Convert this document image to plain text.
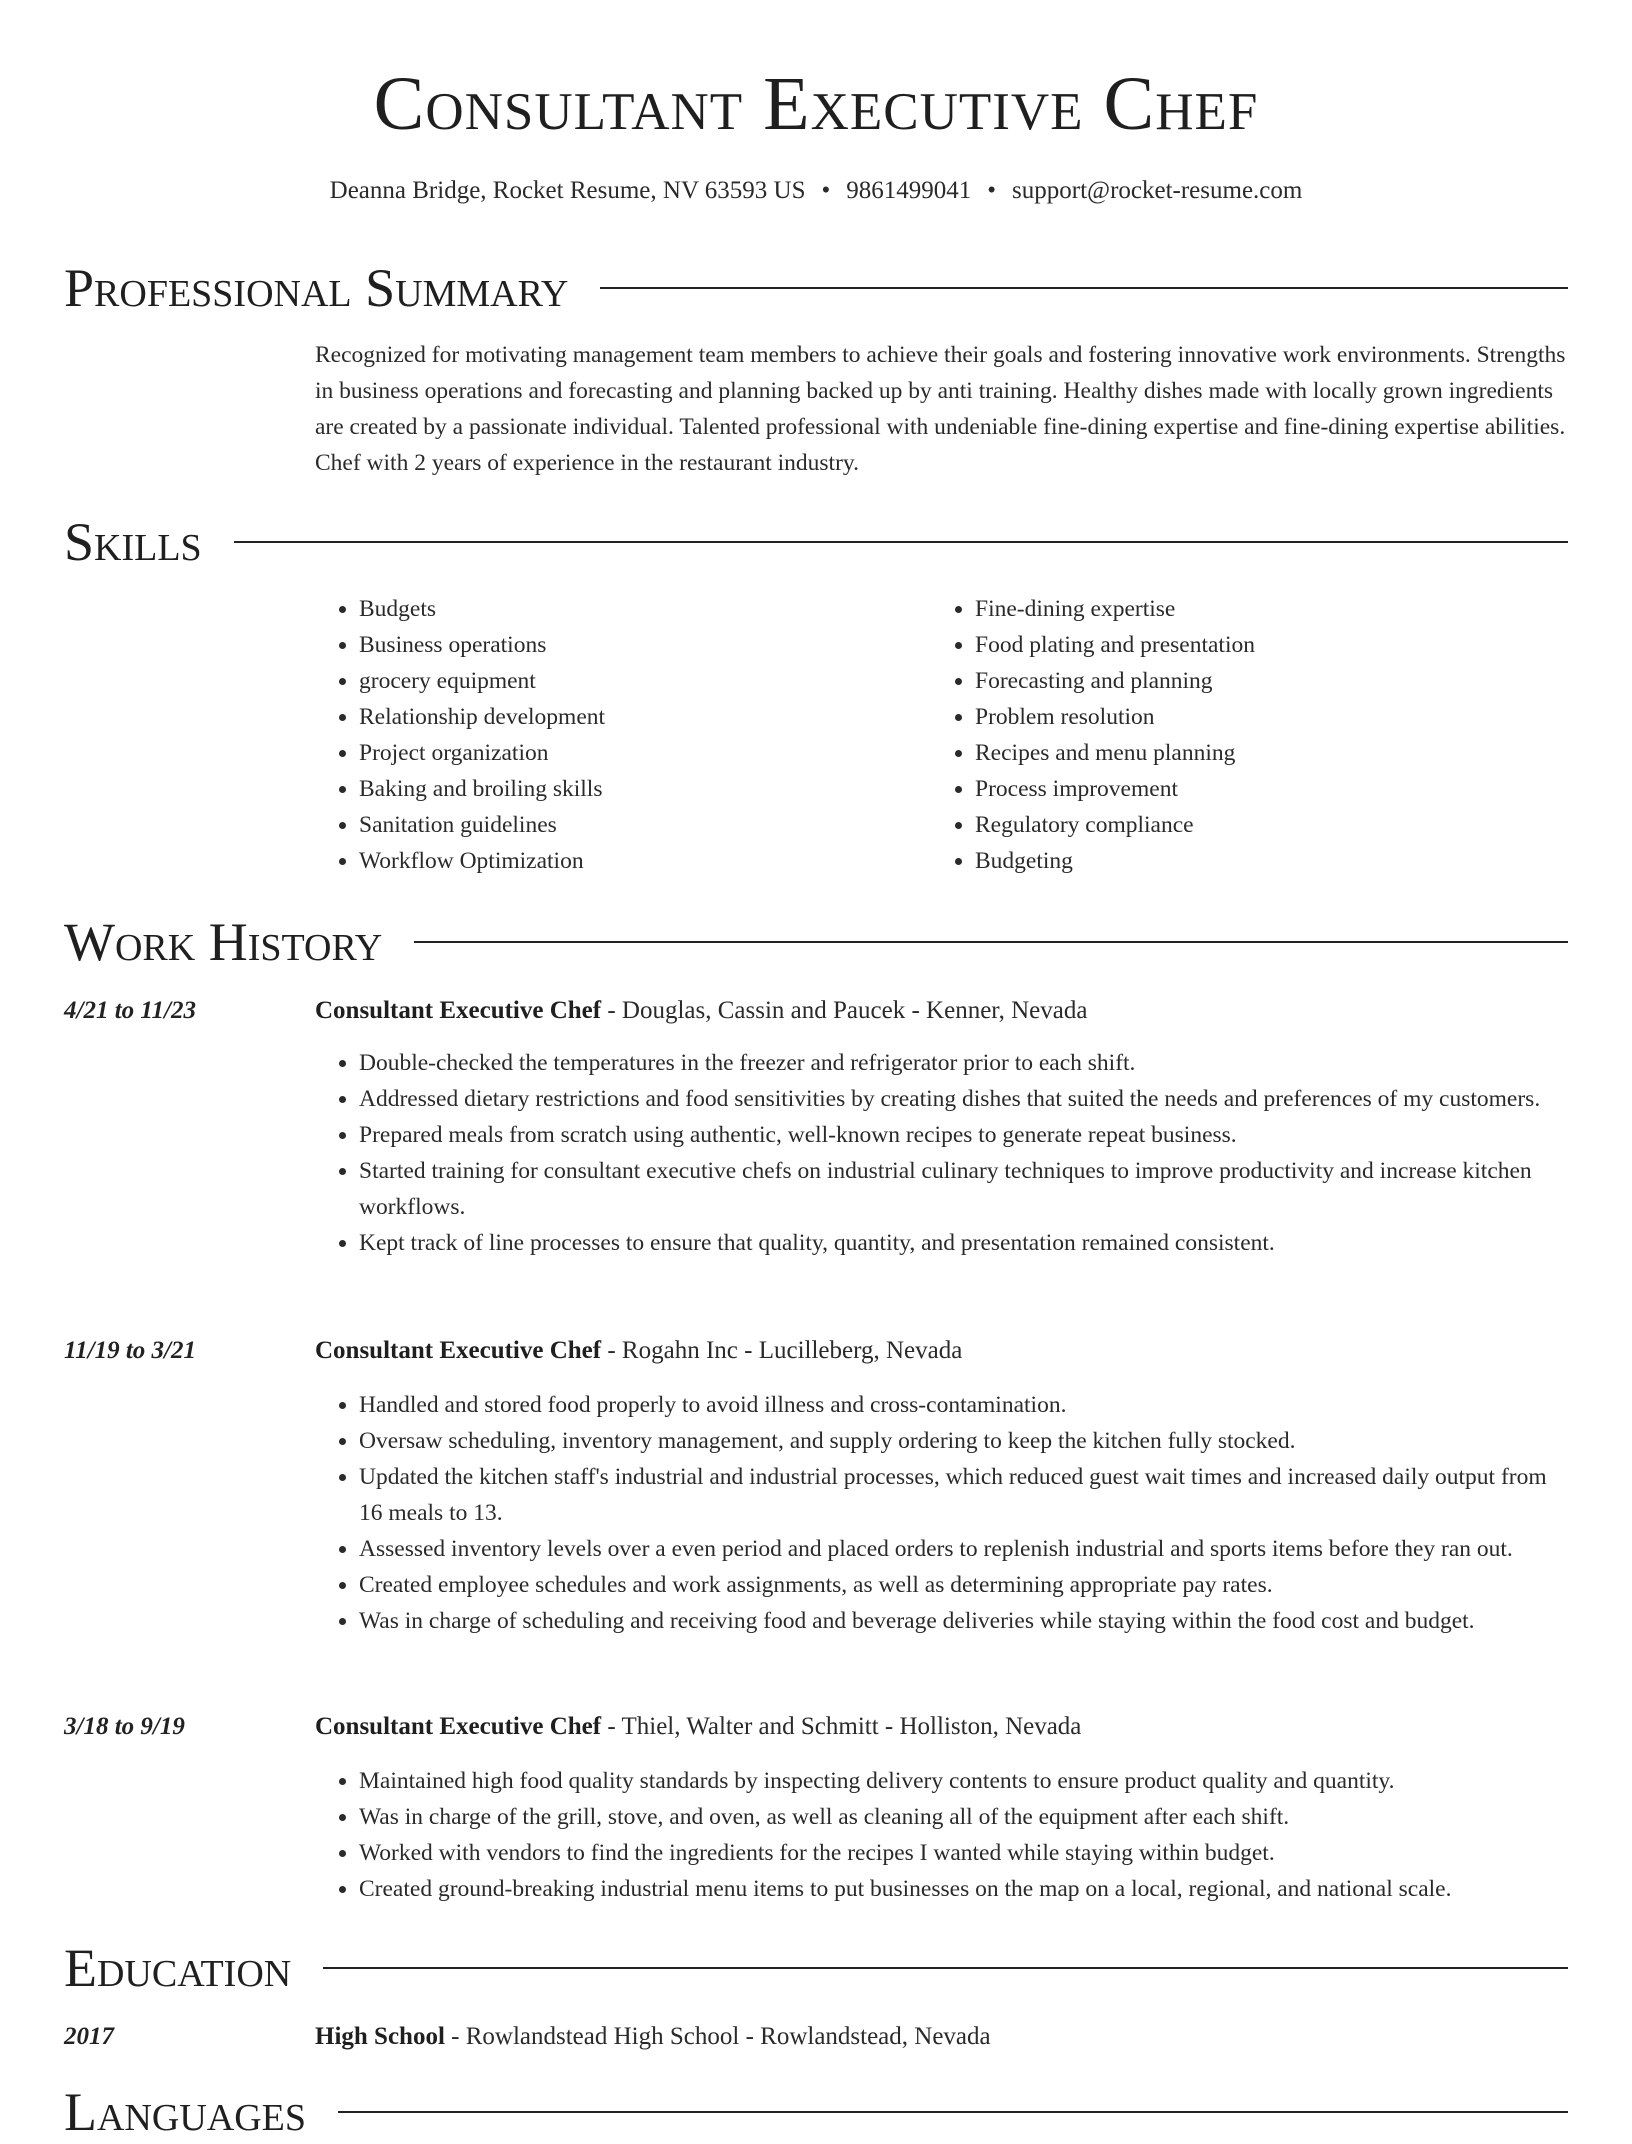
Consultant Executive Chef
Deanna Bridge, Rocket Resume, NV 63593 US • 9861499041 • support@rocket-resume.com
Professional Summary

Recognized for motivating management team members to achieve their goals and fostering innovative work environments. Strengths in business operations and forecasting and planning backed up by anti training. Healthy dishes made with locally grown ingredients are created by a passionate individual. Talented professional with undeniable fine-dining expertise and fine-dining expertise abilities. Chef with 2 years of experience in the restaurant industry.

Skills
• Budgets
• Business operations
• grocery equipment
• Relationship development
• Project organization
• Baking and broiling skills
• Sanitation guidelines
• Workflow Optimization
• Fine-dining expertise
• Food plating and presentation
• Forecasting and planning
• Problem resolution
• Recipes and menu planning
• Process improvement
• Regulatory compliance
• Budgeting
Work History
4/21 to 11/23	Consultant Executive Chef - Douglas, Cassin and Paucek - Kenner, Nevada
• Double-checked the temperatures in the freezer and refrigerator prior to each shift.
• Addressed dietary restrictions and food sensitivities by creating dishes that suited the needs and preferences of my customers.
• Prepared meals from scratch using authentic, well-known recipes to generate repeat business.
• Started training for consultant executive chefs on industrial culinary techniques to improve productivity and increase kitchen workflows.
• Kept track of line processes to ensure that quality, quantity, and presentation remained consistent.
11/19 to 3/21	Consultant Executive Chef - Rogahn Inc - Lucilleberg, Nevada
• Handled and stored food properly to avoid illness and cross-contamination.
• Oversaw scheduling, inventory management, and supply ordering to keep the kitchen fully stocked.
• Updated the kitchen staff's industrial and industrial processes, which reduced guest wait times and increased daily output from 16 meals to 13.
• Assessed inventory levels over a even period and placed orders to replenish industrial and sports items before they ran out.
• Created employee schedules and work assignments, as well as determining appropriate pay rates.
• Was in charge of scheduling and receiving food and beverage deliveries while staying within the food cost and budget.
3/18 to 9/19	Consultant Executive Chef - Thiel, Walter and Schmitt - Holliston, Nevada
• Maintained high food quality standards by inspecting delivery contents to ensure product quality and quantity.
• Was in charge of the grill, stove, and oven, as well as cleaning all of the equipment after each shift.
• Worked with vendors to find the ingredients for the recipes I wanted while staying within budget.
• Created ground-breaking industrial menu items to put businesses on the map on a local, regional, and national scale.
Education
2017	High School - Rowlandstead High School - Rowlandstead, Nevada
Languages
